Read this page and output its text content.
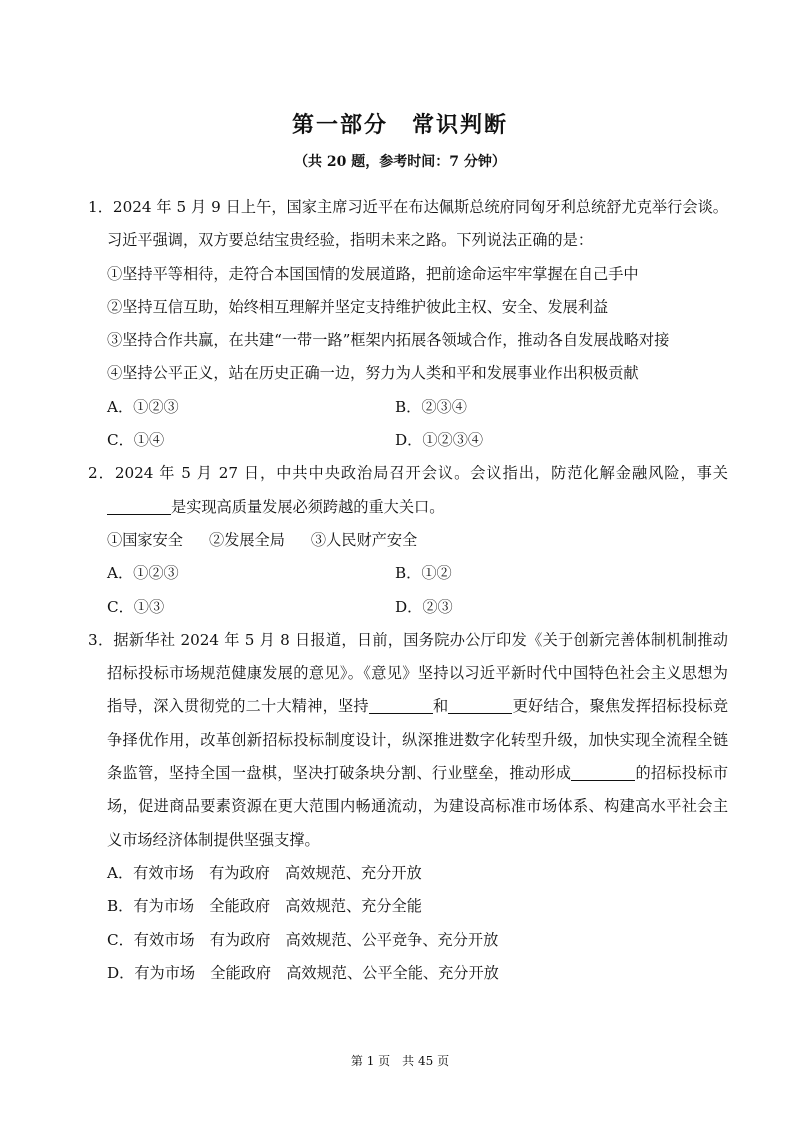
第一部分　常识判断
（共 20 题，参考时间：7 分钟）

1．2024 年 5 月 9 日上午，国家主席习近平在布达佩斯总统府同匈牙利总统舒尤克举行会谈。习近平强调，双方要总结宝贵经验，指明未来之路。下列说法正确的是：

①坚持平等相待，走符合本国国情的发展道路，把前途命运牢牢掌握在自己手中
②坚持互信互助，始终相互理解并坚定支持维护彼此主权、安全、发展利益
③坚持合作共赢，在共建“一带一路”框架内拓展各领域合作，推动各自发展战略对接
④坚持公平正义，站在历史正确一边，努力为人类和平和发展事业作出积极贡献
A．①②③	B．②③④
C．①④	D．①②③④

2．2024 年 5 月 27 日，中共中央政治局召开会议。会议指出，防范化解金融风险，事关是实现高质量发展必须跨越的重大关口。

①国家安全 ②发展全局 ③人民财产安全
A．①②③	B．①②
C．①③	D．②③

3．据新华社 2024 年 5 月 8 日报道，日前，国务院办公厅印发《关于创新完善体制机制推动招标投标市场规范健康发展的意见》。《意见》坚持以习近平新时代中国特色社会主义思想为指导，深入贯彻党的二十大精神，坚持	和	更好结合，聚焦发挥招标投标竞争择优作用，改革创新招标投标制度设计，纵深推进数字化转型升级，加快实现全流程全链条监管，坚持全国一盘棋，坚决打破条块分割、行业壁垒，推动形成	的招标投标市场，促进商品要素资源在更大范围内畅通流动，为建设高标准市场体系、构建高水平社会主义市场经济体制提供坚强支撑。

A．有效市场　有为政府　高效规范、充分开放
B．有为市场　全能政府　高效规范、充分全能
C．有效市场　有为政府　高效规范、公平竞争、充分开放
D．有为市场　全能政府　高效规范、公平全能、充分开放
第 1 页　共 45 页
